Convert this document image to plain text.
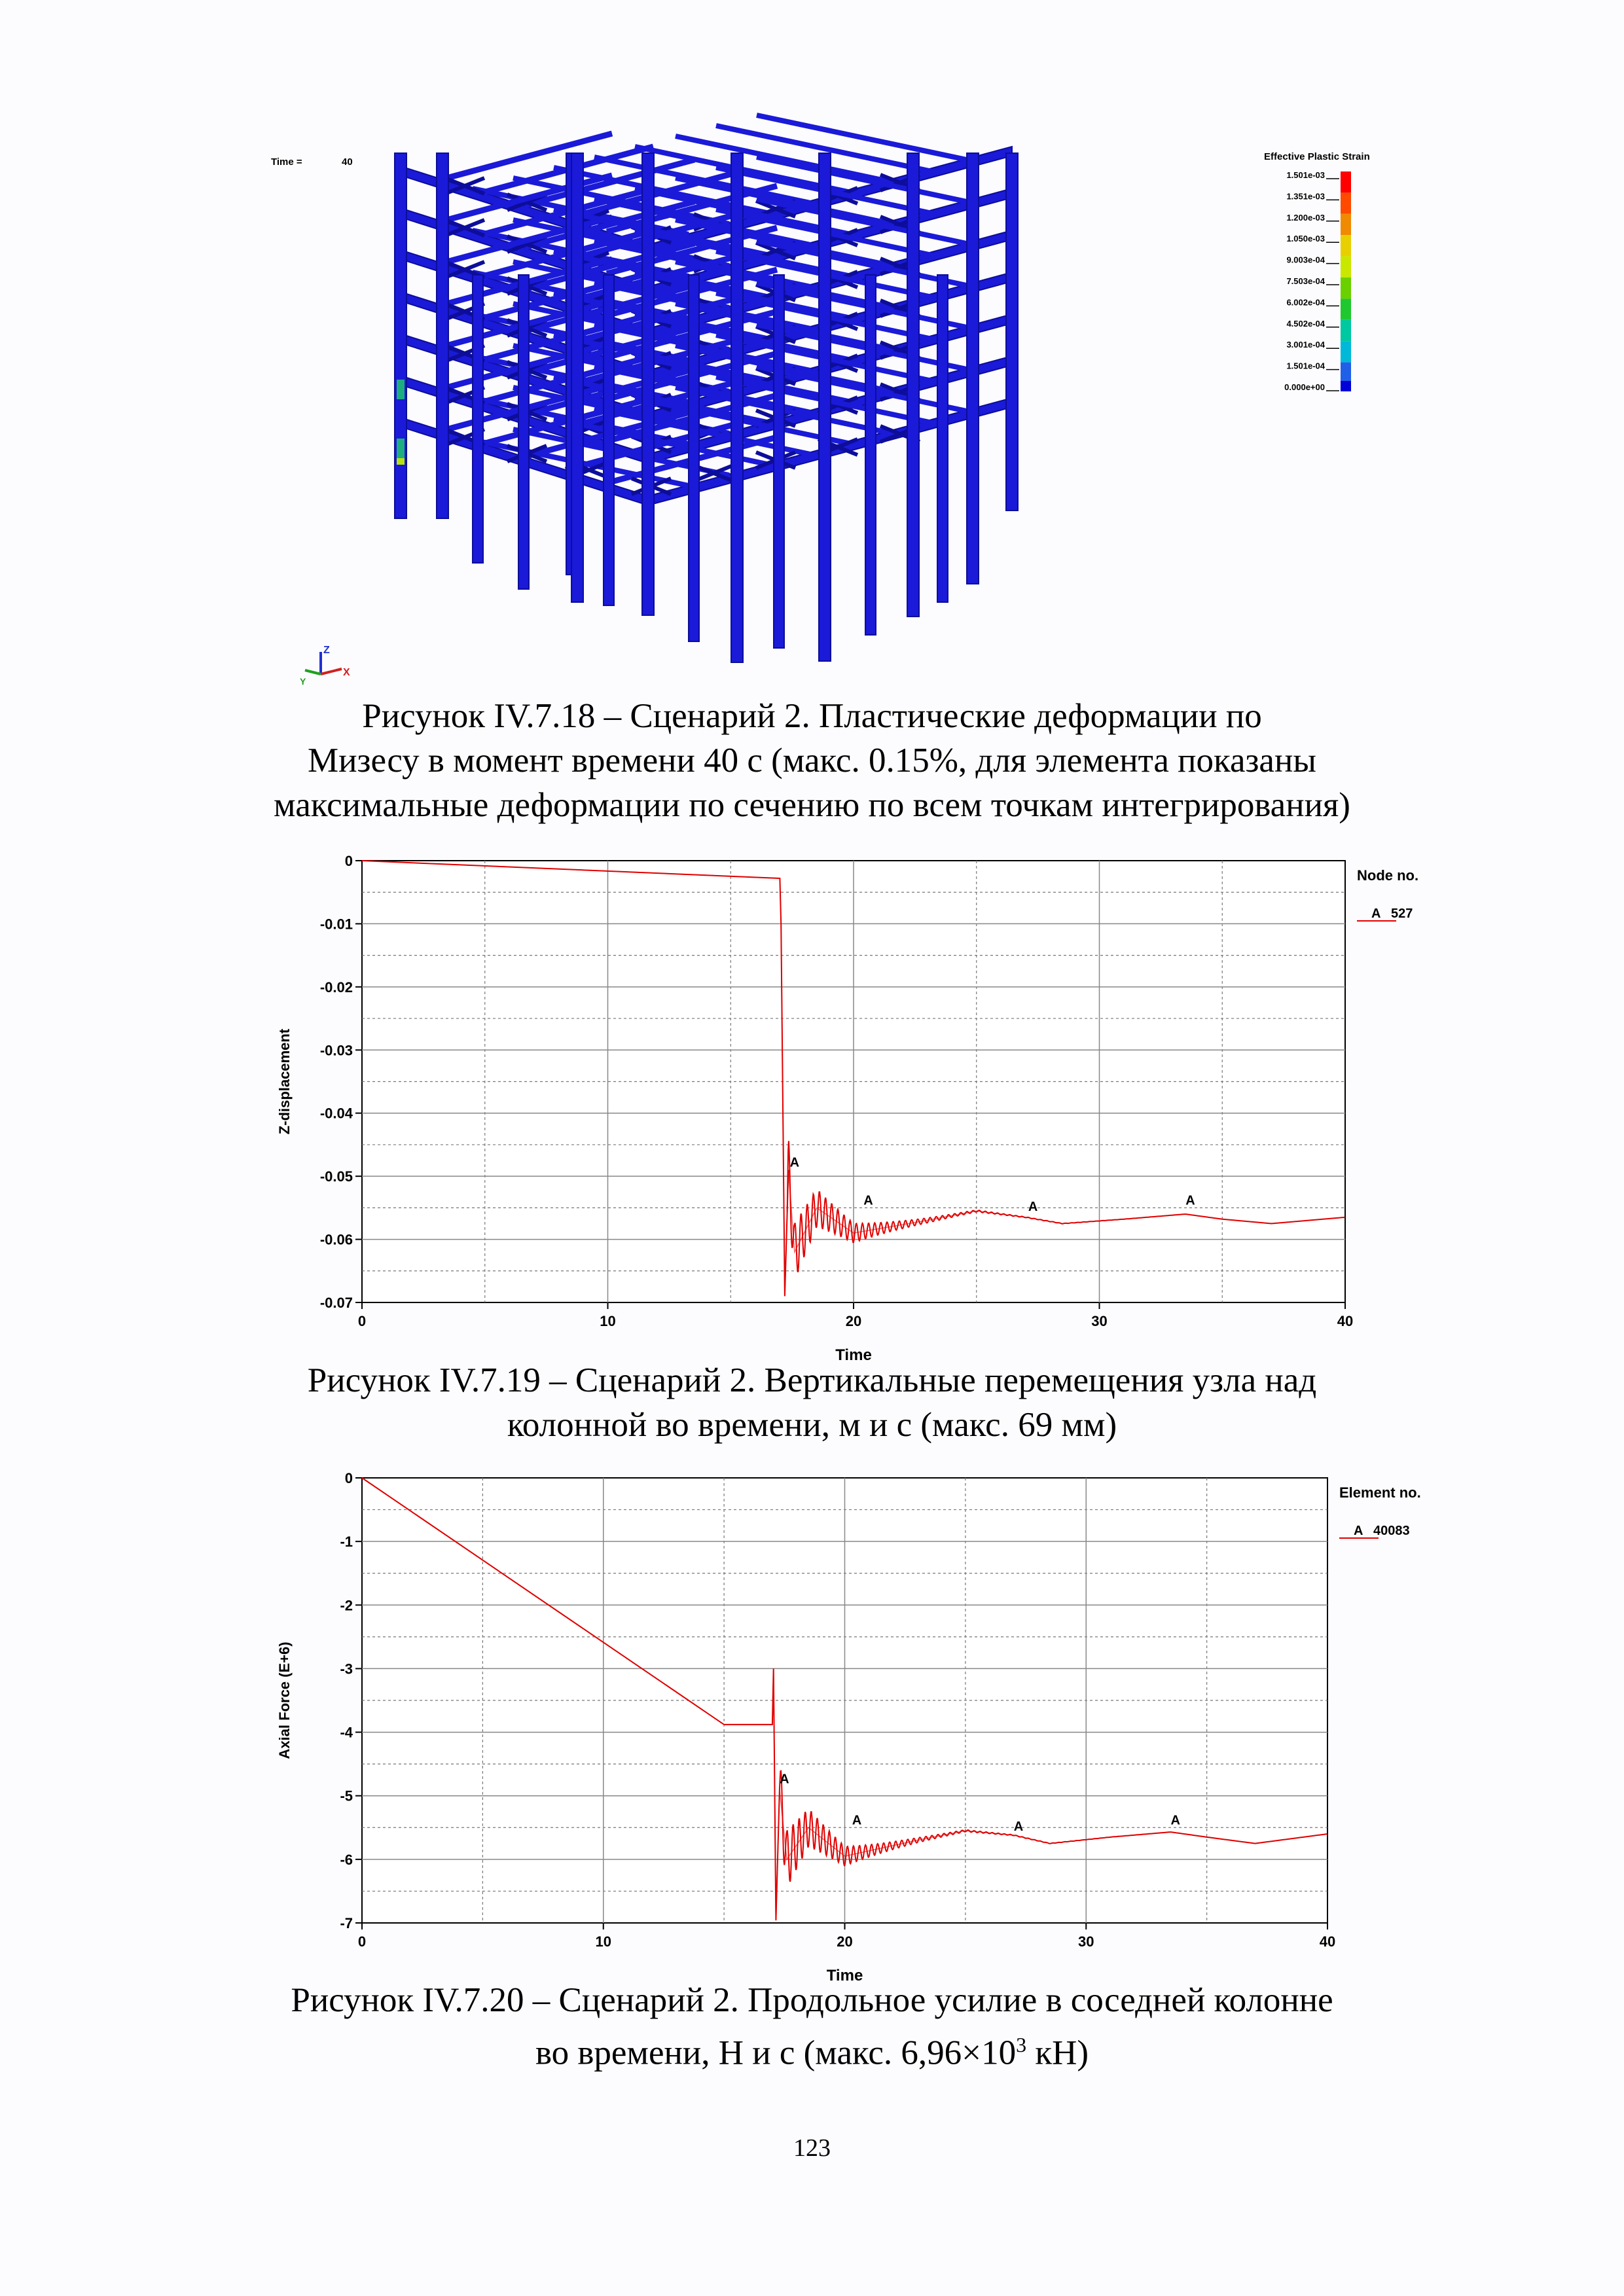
Time =	40
Z
Y
X
Effective Plastic Strain
1.501e-03
1.351e-03
1.200e-03
1.050e-03
9.003e-04
7.503e-04
6.002e-04
4.502e-04
3.001e-04
1.501e-04
0.000e+00
Рисунок IV.7.18 – Сценарий 2. Пластические деформации по
Мизесу в момент времени 40 с (макс. 0.15%, для элемента показаны
максимальные деформации по сечению по всем точкам интегрирования)
0
-0.01
-0.02
-0.03
-0.04
-0.05
-0.06
-0.07
0	10	20	30	40
Time
Z-displacement
A
A	A	A
Node no.
A 527
Рисунок IV.7.19 – Сценарий 2. Вертикальные перемещения узла над
колонной во времени, м и с (макс. 69 мм)
0
-1
-2
-3
-4
-5
-6
-7
0	10	20	30	40
Time
Axial Force (E+6)
A
A	A	A
Element no.
A 40083
Рисунок IV.7.20 – Сценарий 2. Продольное усилие в соседней колонне
во времени, Н и с (макс. $6,96\times 10^3$ кН)
123
